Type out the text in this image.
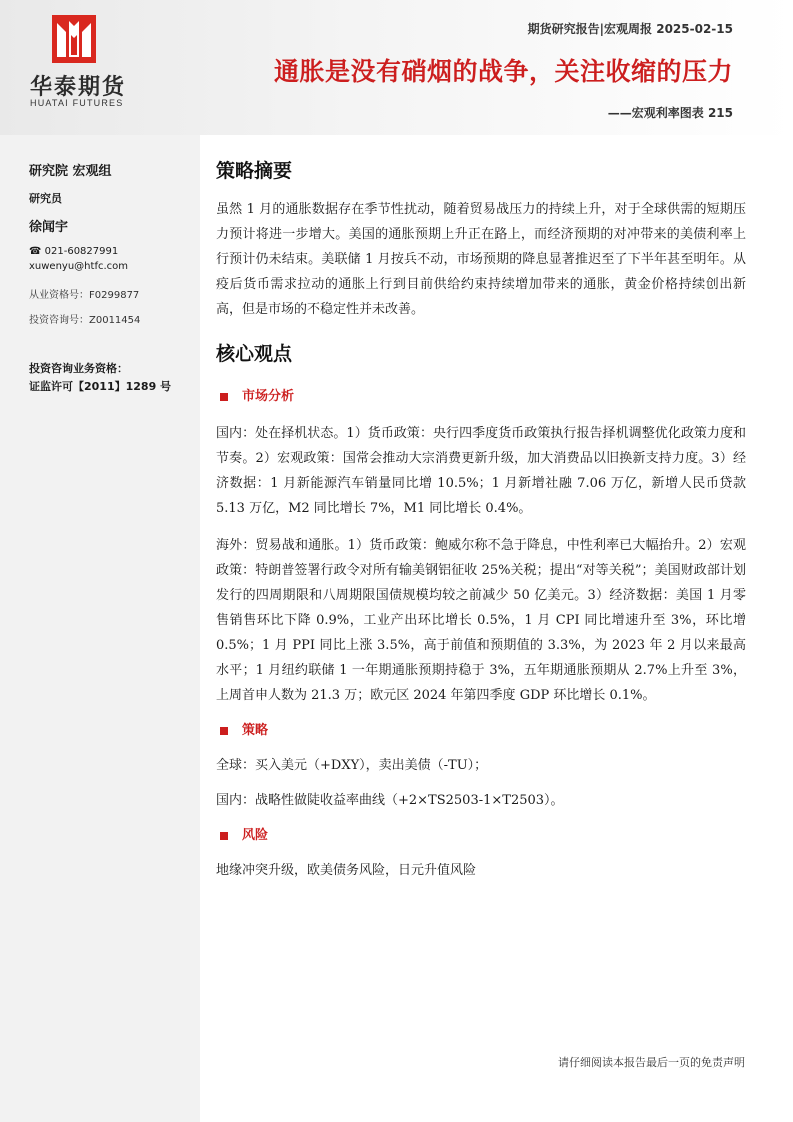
华泰期货
HUATAI FUTURES
期货研究报告|宏观周报 2025-02-15
通胀是没有硝烟的战争，关注收缩的压力
——宏观利率图表 215
研究院 宏观组
研究员
徐闻宇
☎ 021-60827991
xuwenyu@htfc.com
从业资格号：F0299877
投资咨询号：Z0011454
投资咨询业务资格：
证监许可【2011】1289 号
策略摘要

虽然 1 月的通胀数据存在季节性扰动，随着贸易战压力的持续上升，对于全球供需的短期压力预计将进一步增大。美国的通胀预期上升正在路上，而经济预期的对冲带来的美债利率上行预计仍未结束。美联储 1 月按兵不动，市场预期的降息显著推迟至了下半年甚至明年。从疫后货币需求拉动的通胀上行到目前供给约束持续增加带来的通胀，黄金价格持续创出新高，但是市场的不稳定性并未改善。

核心观点
市场分析

国内：处在择机状态。1）货币政策：央行四季度货币政策执行报告择机调整优化政策力度和节奏。2）宏观政策：国常会推动大宗消费更新升级，加大消费品以旧换新支持力度。3）经济数据：1 月新能源汽车销量同比增 10.5%；1 月新增社融 7.06 万亿，新增人民币贷款 5.13 万亿，M2 同比增长 7%，M1 同比增长 0.4%。

海外：贸易战和通胀。1）货币政策：鲍威尔称不急于降息，中性利率已大幅抬升。2）宏观政策：特朗普签署行政令对所有输美钢铝征收 25%关税；提出“对等关税”；美国财政部计划发行的四周期限和八周期限国债规模均较之前减少 50 亿美元。3）经济数据：美国 1 月零售销售环比下降 0.9%，工业产出环比增长 0.5%，1 月 CPI 同比增速升至 3%，环比增 0.5%；1 月 PPI 同比上涨 3.5%，高于前值和预期值的 3.3%，为 2023 年 2 月以来最高水平；1 月纽约联储 1 一年期通胀预期持稳于 3%，五年期通胀预期从 2.7%上升至 3%，上周首申人数为 21.3 万；欧元区 2024 年第四季度 GDP 环比增长 0.1%。

策略

全球：买入美元（+DXY），卖出美债（-TU）；

国内：战略性做陡收益率曲线（+2×TS2503-1×T2503）。

风险

地缘冲突升级，欧美债务风险，日元升值风险

请仔细阅读本报告最后一页的免责声明
